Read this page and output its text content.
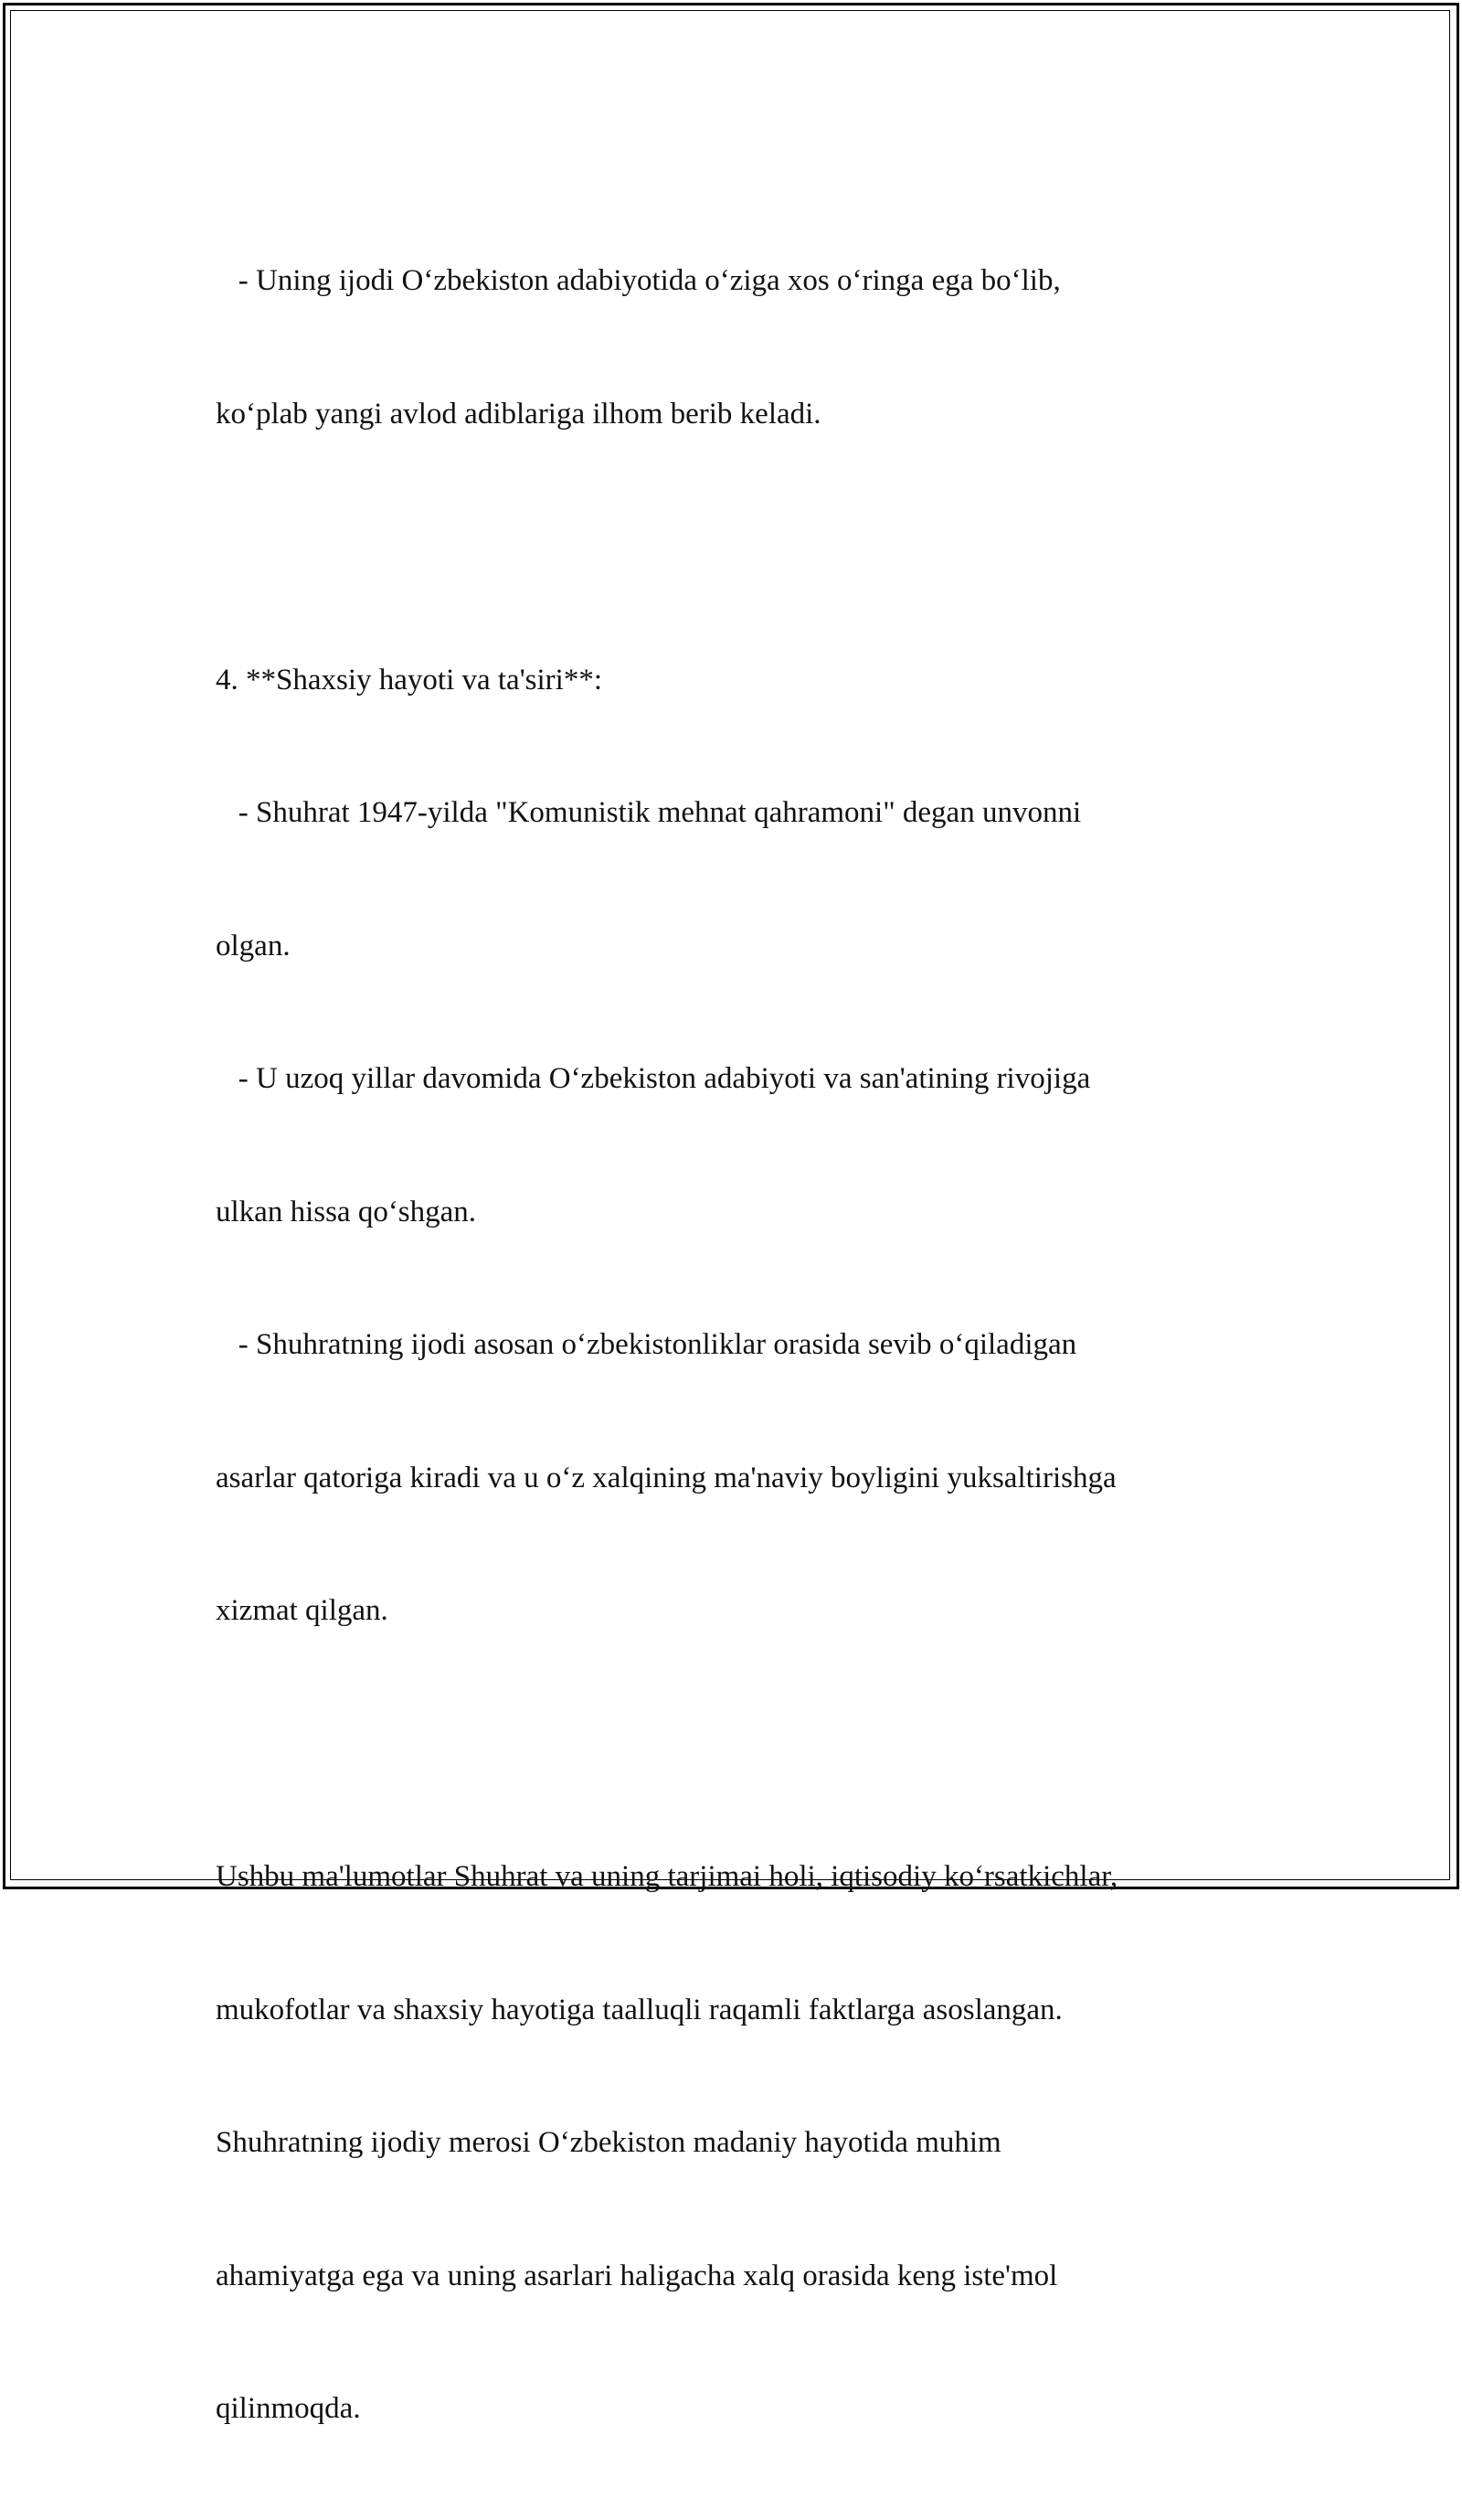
- Uning ijodi O‘zbekiston adabiyotida o‘ziga xos o‘ringa ega bo‘lib,

ko‘plab yangi avlod adiblariga ilhom berib keladi.

4. **Shaxsiy hayoti va ta'siri**:

- Shuhrat 1947-yilda "Komunistik mehnat qahramoni" degan unvonni

olgan.

- U uzoq yillar davomida O‘zbekiston adabiyoti va san'atining rivojiga

ulkan hissa qo‘shgan.

- Shuhratning ijodi asosan o‘zbekistonliklar orasida sevib o‘qiladigan

asarlar qatoriga kiradi va u o‘z xalqining ma'naviy boyligini yuksaltirishga

xizmat qilgan.

Ushbu ma'lumotlar Shuhrat va uning tarjimai holi, iqtisodiy ko‘rsatkichlar,

mukofotlar va shaxsiy hayotiga taalluqli raqamli faktlarga asoslangan.

Shuhratning ijodiy merosi O‘zbekiston madaniy hayotida muhim

ahamiyatga ega va uning asarlari haligacha xalq orasida keng iste'mol

qilinmoqda.
